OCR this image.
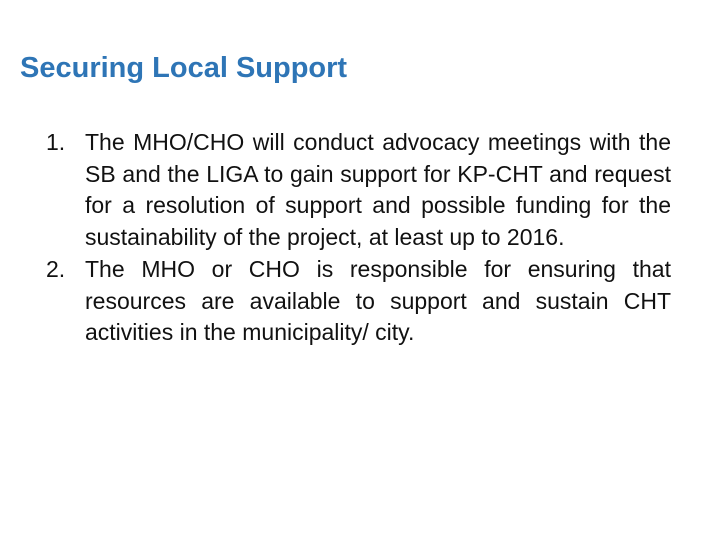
Securing Local Support
1. The MHO/CHO will conduct advocacy meetings with the SB and the LIGA to gain support for KP-CHT and request for a resolution of support and possible funding for the sustainability of the project, at least up to 2016.
2. The MHO or CHO is responsible for ensuring that resources are available to support and sustain CHT activities in the municipality/ city.
